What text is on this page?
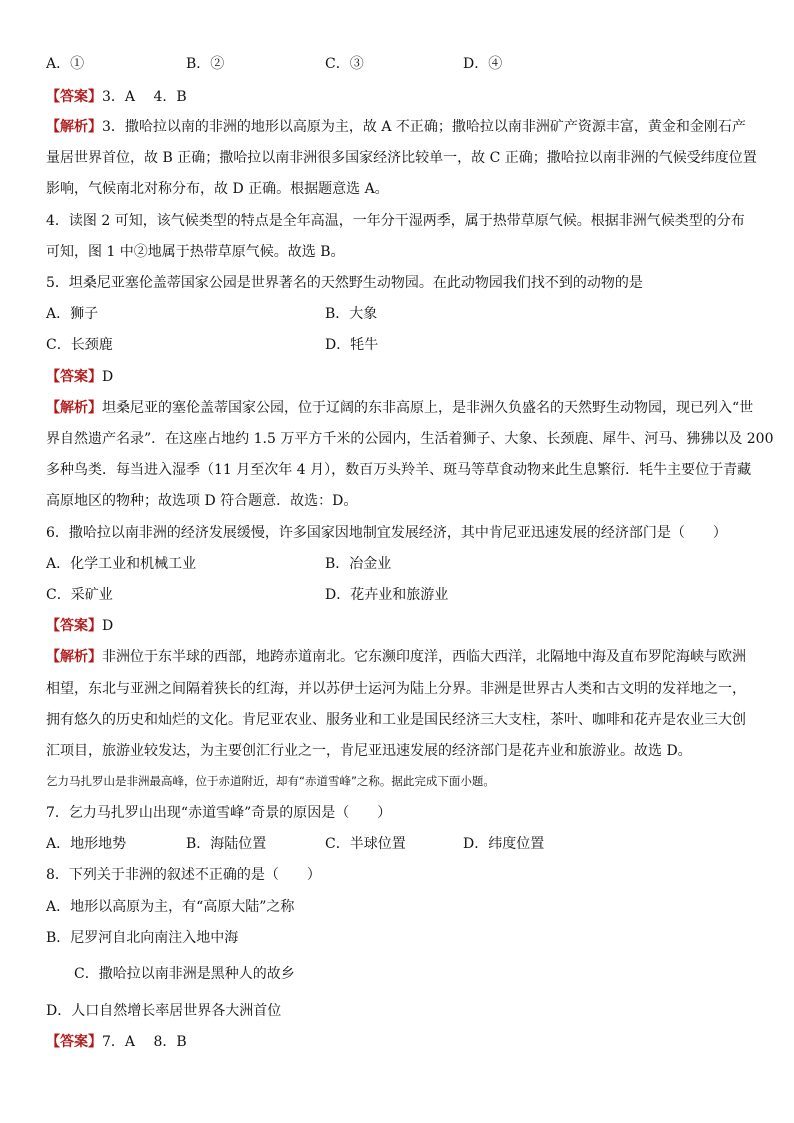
A．①	B．②	C．③	D．④
【答案】3．A　 4．B
【解析】3．撒哈拉以南的非洲的地形以高原为主，故 A 不正确；撒哈拉以南非洲矿产资源丰富，黄金和金刚石产
量居世界首位，故 B 正确；撒哈拉以南非洲很多国家经济比较单一，故 C 正确；撒哈拉以南非洲的气候受纬度位置
影响，气候南北对称分布，故 D 正确。根据题意选 A。
4．读图 2 可知，该气候类型的特点是全年高温，一年分干湿两季，属于热带草原气候。根据非洲气候类型的分布
可知，图 1 中②地属于热带草原气候。故选 B。
5．坦桑尼亚塞伦盖蒂国家公园是世界著名的天然野生动物园。在此动物园我们找不到的动物的是
A．狮子	B．大象
C．长颈鹿	D．牦牛
【答案】D
【解析】坦桑尼亚的塞伦盖蒂国家公园，位于辽阔的东非高原上，是非洲久负盛名的天然野生动物园，现已列入“世
界自然遗产名录”．在这座占地约 1.5 万平方千米的公园内，生活着狮子、大象、长颈鹿、犀牛、河马、狒狒以及 200
多种鸟类．每当进入湿季（11 月至次年 4 月），数百万头羚羊、斑马等草食动物来此生息繁衍．牦牛主要位于青藏
高原地区的物种；故选项 D 符合题意．故选：D。
6．撒哈拉以南非洲的经济发展缓慢，许多国家因地制宜发展经济，其中肯尼亚迅速发展的经济部门是（　　）
A．化学工业和机械工业	B．冶金业
C．采矿业	D．花卉业和旅游业
【答案】D
【解析】非洲位于东半球的西部，地跨赤道南北。它东濒印度洋，西临大西洋，北隔地中海及直布罗陀海峡与欧洲
相望，东北与亚洲之间隔着狭长的红海，并以苏伊士运河为陆上分界。非洲是世界古人类和古文明的发祥地之一，
拥有悠久的历史和灿烂的文化。肯尼亚农业、服务业和工业是国民经济三大支柱，茶叶、咖啡和花卉是农业三大创
汇项目，旅游业较发达，为主要创汇行业之一，肯尼亚迅速发展的经济部门是花卉业和旅游业。故选 D。
乞力马扎罗山是非洲最高峰，位于赤道附近，却有“赤道雪峰”之称。据此完成下面小题。
7．乞力马扎罗山出现“赤道雪峰”奇景的原因是（　　）
A．地形地势	B．海陆位置	C．半球位置	D．纬度位置
8．下列关于非洲的叙述不正确的是（　　）
A．地形以高原为主，有“高原大陆”之称
B．尼罗河自北向南注入地中海
C．撒哈拉以南非洲是黑种人的故乡
D．人口自然增长率居世界各大洲首位
【答案】7．A　 8．B
